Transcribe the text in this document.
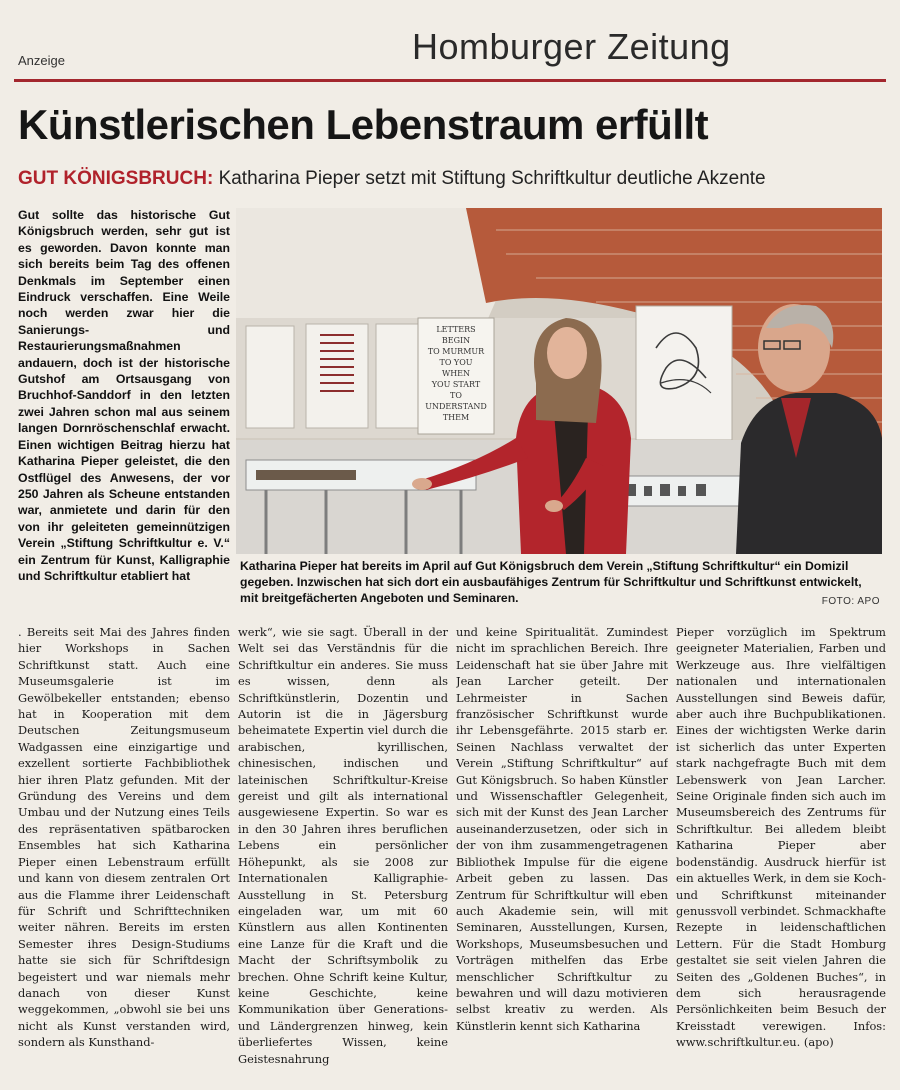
Anzeige	Homburger Zeitung
Künstlerischen Lebenstraum erfüllt
GUT KÖNIGSBRUCH: Katharina Pieper setzt mit Stiftung Schriftkultur deutliche Akzente
Gut sollte das historische Gut Königsbruch werden, sehr gut ist es geworden. Davon konnte man sich bereits beim Tag des offenen Denkmals im September einen Eindruck verschaffen. Eine Weile noch werden zwar hier die Sanierungs- und Restaurierungsmaßnahmen andauern, doch ist der historische Gutshof am Ortsausgang von Bruchhof-Sanddorf in den letzten zwei Jahren schon mal aus seinem langen Dornröschenschlaf erwacht. Einen wichtigen Beitrag hierzu hat Katharina Pieper geleistet, die den Ostflügel des Anwesens, der vor 250 Jahren als Scheune entstanden war, anmietete und darin für den von ihr geleiteten gemeinnützigen Verein „Stiftung Schriftkultur e. V.“ ein Zentrum für Kunst, Kalligraphie und Schriftkultur etabliert hat
LETTERS
BEGIN
TO MURMUR
TO YOU
WHEN
YOU START
TO
UNDERSTAND
THEM
Katharina Pieper hat bereits im April auf Gut Königsbruch dem Verein „Stiftung Schriftkultur“ ein Domizil gegeben. Inzwischen hat sich dort ein ausbaufähiges Zentrum für Schriftkultur und Schriftkunst entwickelt, mit breitgefächerten Angeboten und Seminaren.	FOTO: APO

. Bereits seit Mai des Jahres finden hier Workshops in Sachen Schriftkunst statt. Auch eine Museumsgalerie ist im Gewölbekeller entstanden; ebenso hat in Kooperation mit dem Deutschen Zeitungsmuseum Wadgassen eine einzigartige und exzellent sortierte Fachbibliothek hier ihren Platz gefunden. Mit der Gründung des Vereins und dem Umbau und der Nutzung eines Teils des repräsentativen spätbarocken Ensembles hat sich Katharina Pieper einen Lebenstraum erfüllt und kann von diesem zentralen Ort aus die Flamme ihrer Leidenschaft für Schrift und Schrifttechniken weiter nähren. Bereits im ersten Semester ihres Design-Studiums hatte sie sich für Schriftdesign begeistert und war niemals mehr danach von dieser Kunst weggekommen, „obwohl sie bei uns nicht als Kunst verstanden wird, sondern als Kunsthand-

werk“, wie sie sagt. Überall in der Welt sei das Verständnis für die Schriftkultur ein anderes. Sie muss es wissen, denn als Schriftkünstlerin, Dozentin und Autorin ist die in Jägersburg beheimatete Expertin viel durch die arabischen, kyrillischen, chinesischen, indischen und lateinischen Schriftkultur-Kreise gereist und gilt als international ausgewiesene Expertin. So war es in den 30 Jahren ihres beruflichen Lebens ein persönlicher Höhepunkt, als sie 2008 zur Internationalen Kalligraphie-Ausstellung in St. Petersburg eingeladen war, um mit 60 Künstlern aus allen Kontinenten eine Lanze für die Kraft und die Macht der Schriftsymbolik zu brechen. Ohne Schrift keine Kultur, keine Geschichte, keine Kommunikation über Generations- und Ländergrenzen hinweg, kein überliefertes Wissen, keine Geistesnahrung

und keine Spiritualität. Zumindest nicht im sprachlichen Bereich. Ihre Leidenschaft hat sie über Jahre mit Jean Larcher geteilt. Der Lehrmeister in Sachen französischer Schriftkunst wurde ihr Lebensgefährte. 2015 starb er. Seinen Nachlass verwaltet der Verein „Stiftung Schriftkultur“ auf Gut Königsbruch. So haben Künstler und Wissenschaftler Gelegenheit, sich mit der Kunst des Jean Larcher auseinanderzusetzen, oder sich in der von ihm zusammengetragenen Bibliothek Impulse für die eigene Arbeit geben zu lassen. Das Zentrum für Schriftkultur will eben auch Akademie sein, will mit Seminaren, Ausstellungen, Kursen, Workshops, Museumsbesuchen und Vorträgen mithelfen das Erbe menschlicher Schriftkultur zu bewahren und will dazu motivieren selbst kreativ zu werden. Als Künstlerin kennt sich Katharina

Pieper vorzüglich im Spektrum geeigneter Materialien, Farben und Werkzeuge aus. Ihre vielfältigen nationalen und internationalen Ausstellungen sind Beweis dafür, aber auch ihre Buchpublikationen. Eines der wichtigsten Werke darin ist sicherlich das unter Experten stark nachgefragte Buch mit dem Lebenswerk von Jean Larcher. Seine Originale finden sich auch im Museumsbereich des Zentrums für Schriftkultur. Bei alledem bleibt Katharina Pieper aber bodenständig. Ausdruck hierfür ist ein aktuelles Werk, in dem sie Koch- und Schriftkunst miteinander genussvoll verbindet. Schmackhafte Rezepte in leidenschaftlichen Lettern. Für die Stadt Homburg gestaltet sie seit vielen Jahren die Seiten des „Goldenen Buches“, in dem sich herausragende Persönlichkeiten beim Besuch der Kreisstadt verewigen. Infos: www.schriftkultur.eu. (apo)
